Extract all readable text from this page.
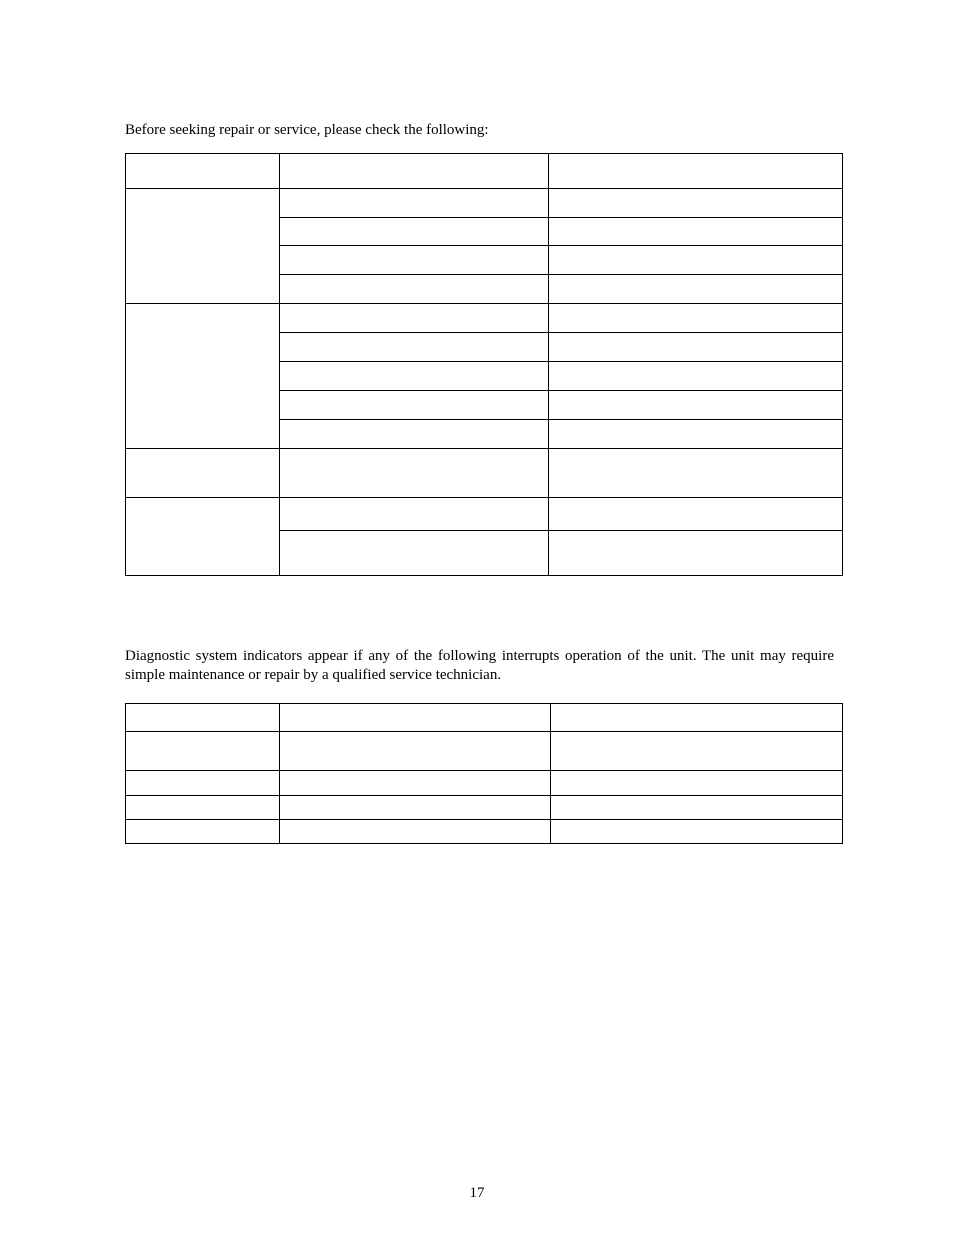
Before seeking repair or service, please check the following:

Diagnostic system indicators appear if any of the following interrupts operation of the unit. The unit may require simple maintenance or repair by a qualified service technician.

17
